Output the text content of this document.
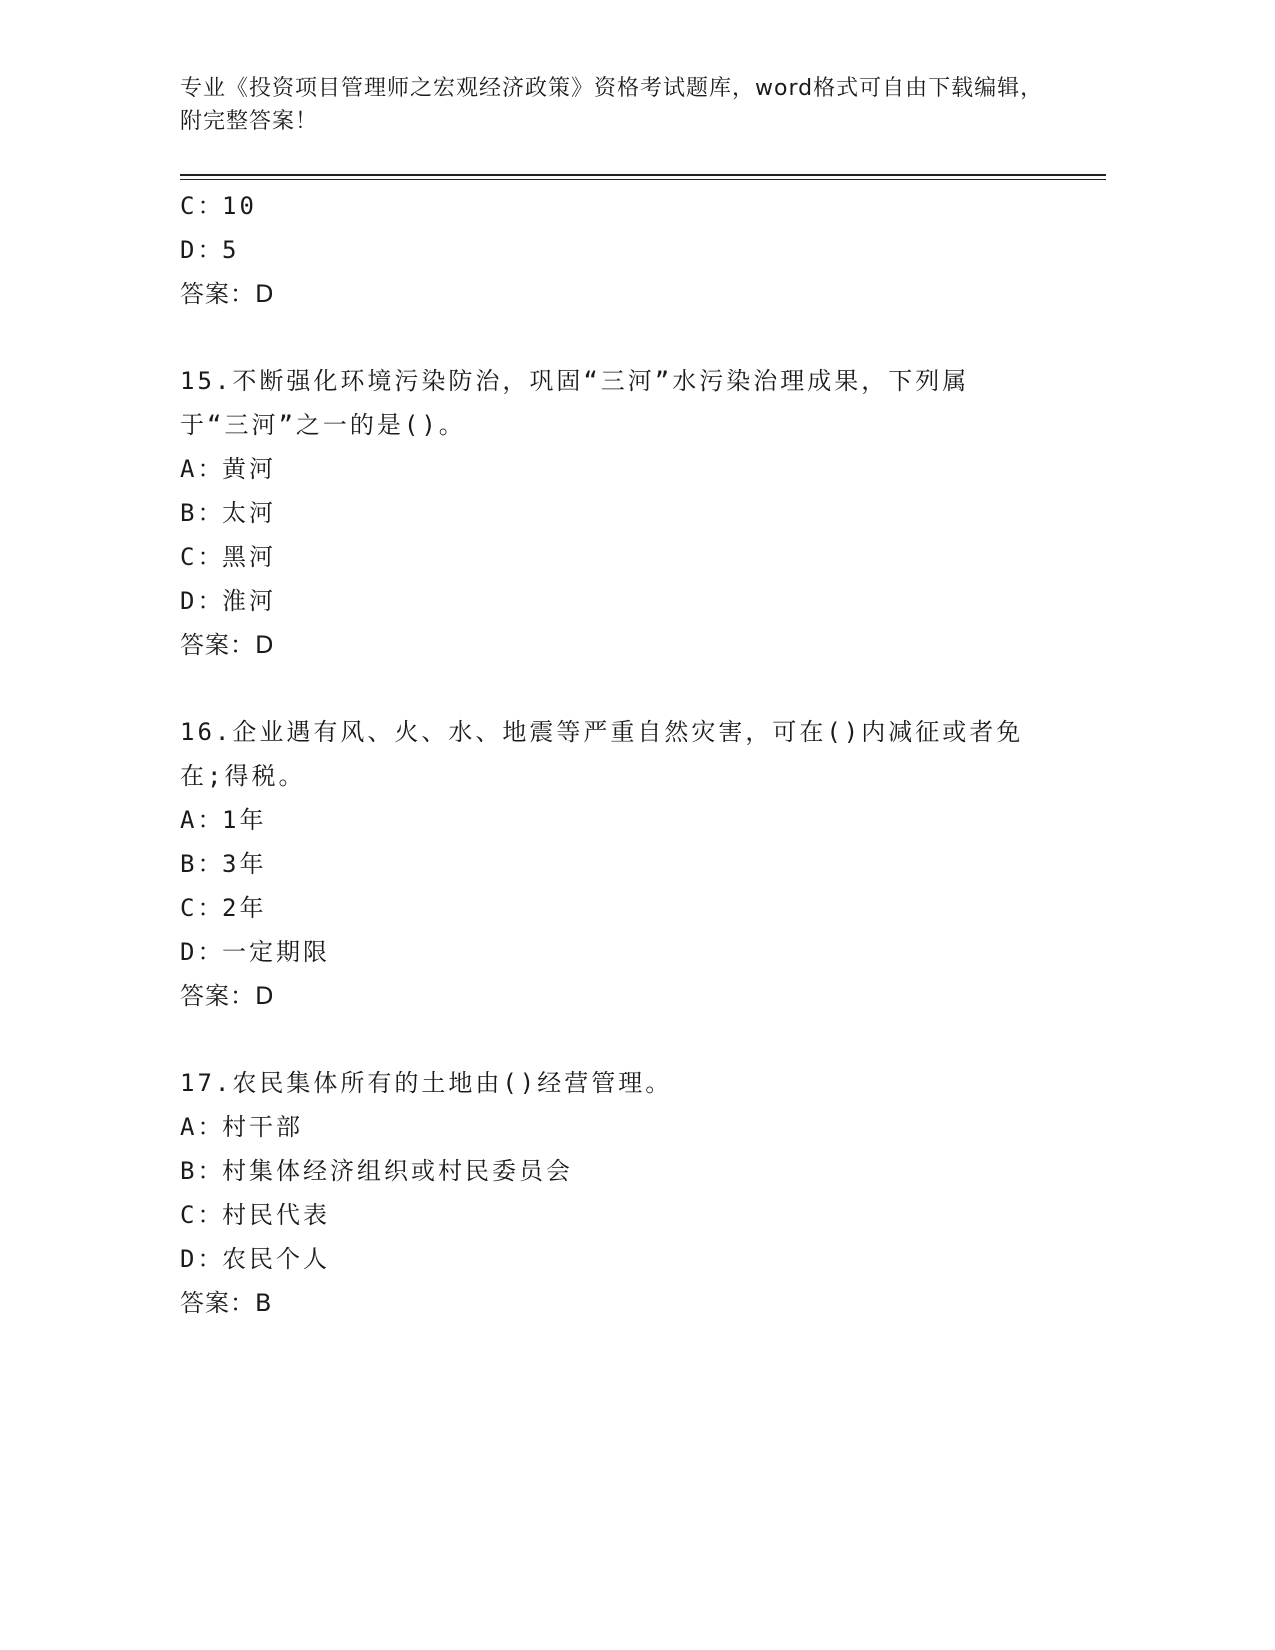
专业《投资项目管理师之宏观经济政策》资格考试题库，word格式可自由下载编辑，附完整答案！
C：10
D：5
答案：D
15.不断强化环境污染防治，巩固“三河”水污染治理成果，下列属于“三河”之一的是()。
A：黄河
B：太河
C：黑河
D：淮河
答案：D
16.企业遇有风、火、水、地震等严重自然灾害，可在()内减征或者免在;得税。
A：1年
B：3年
C：2年
D：一定期限
答案：D
17.农民集体所有的土地由()经营管理。
A：村干部
B：村集体经济组织或村民委员会
C：村民代表
D：农民个人
答案：B
